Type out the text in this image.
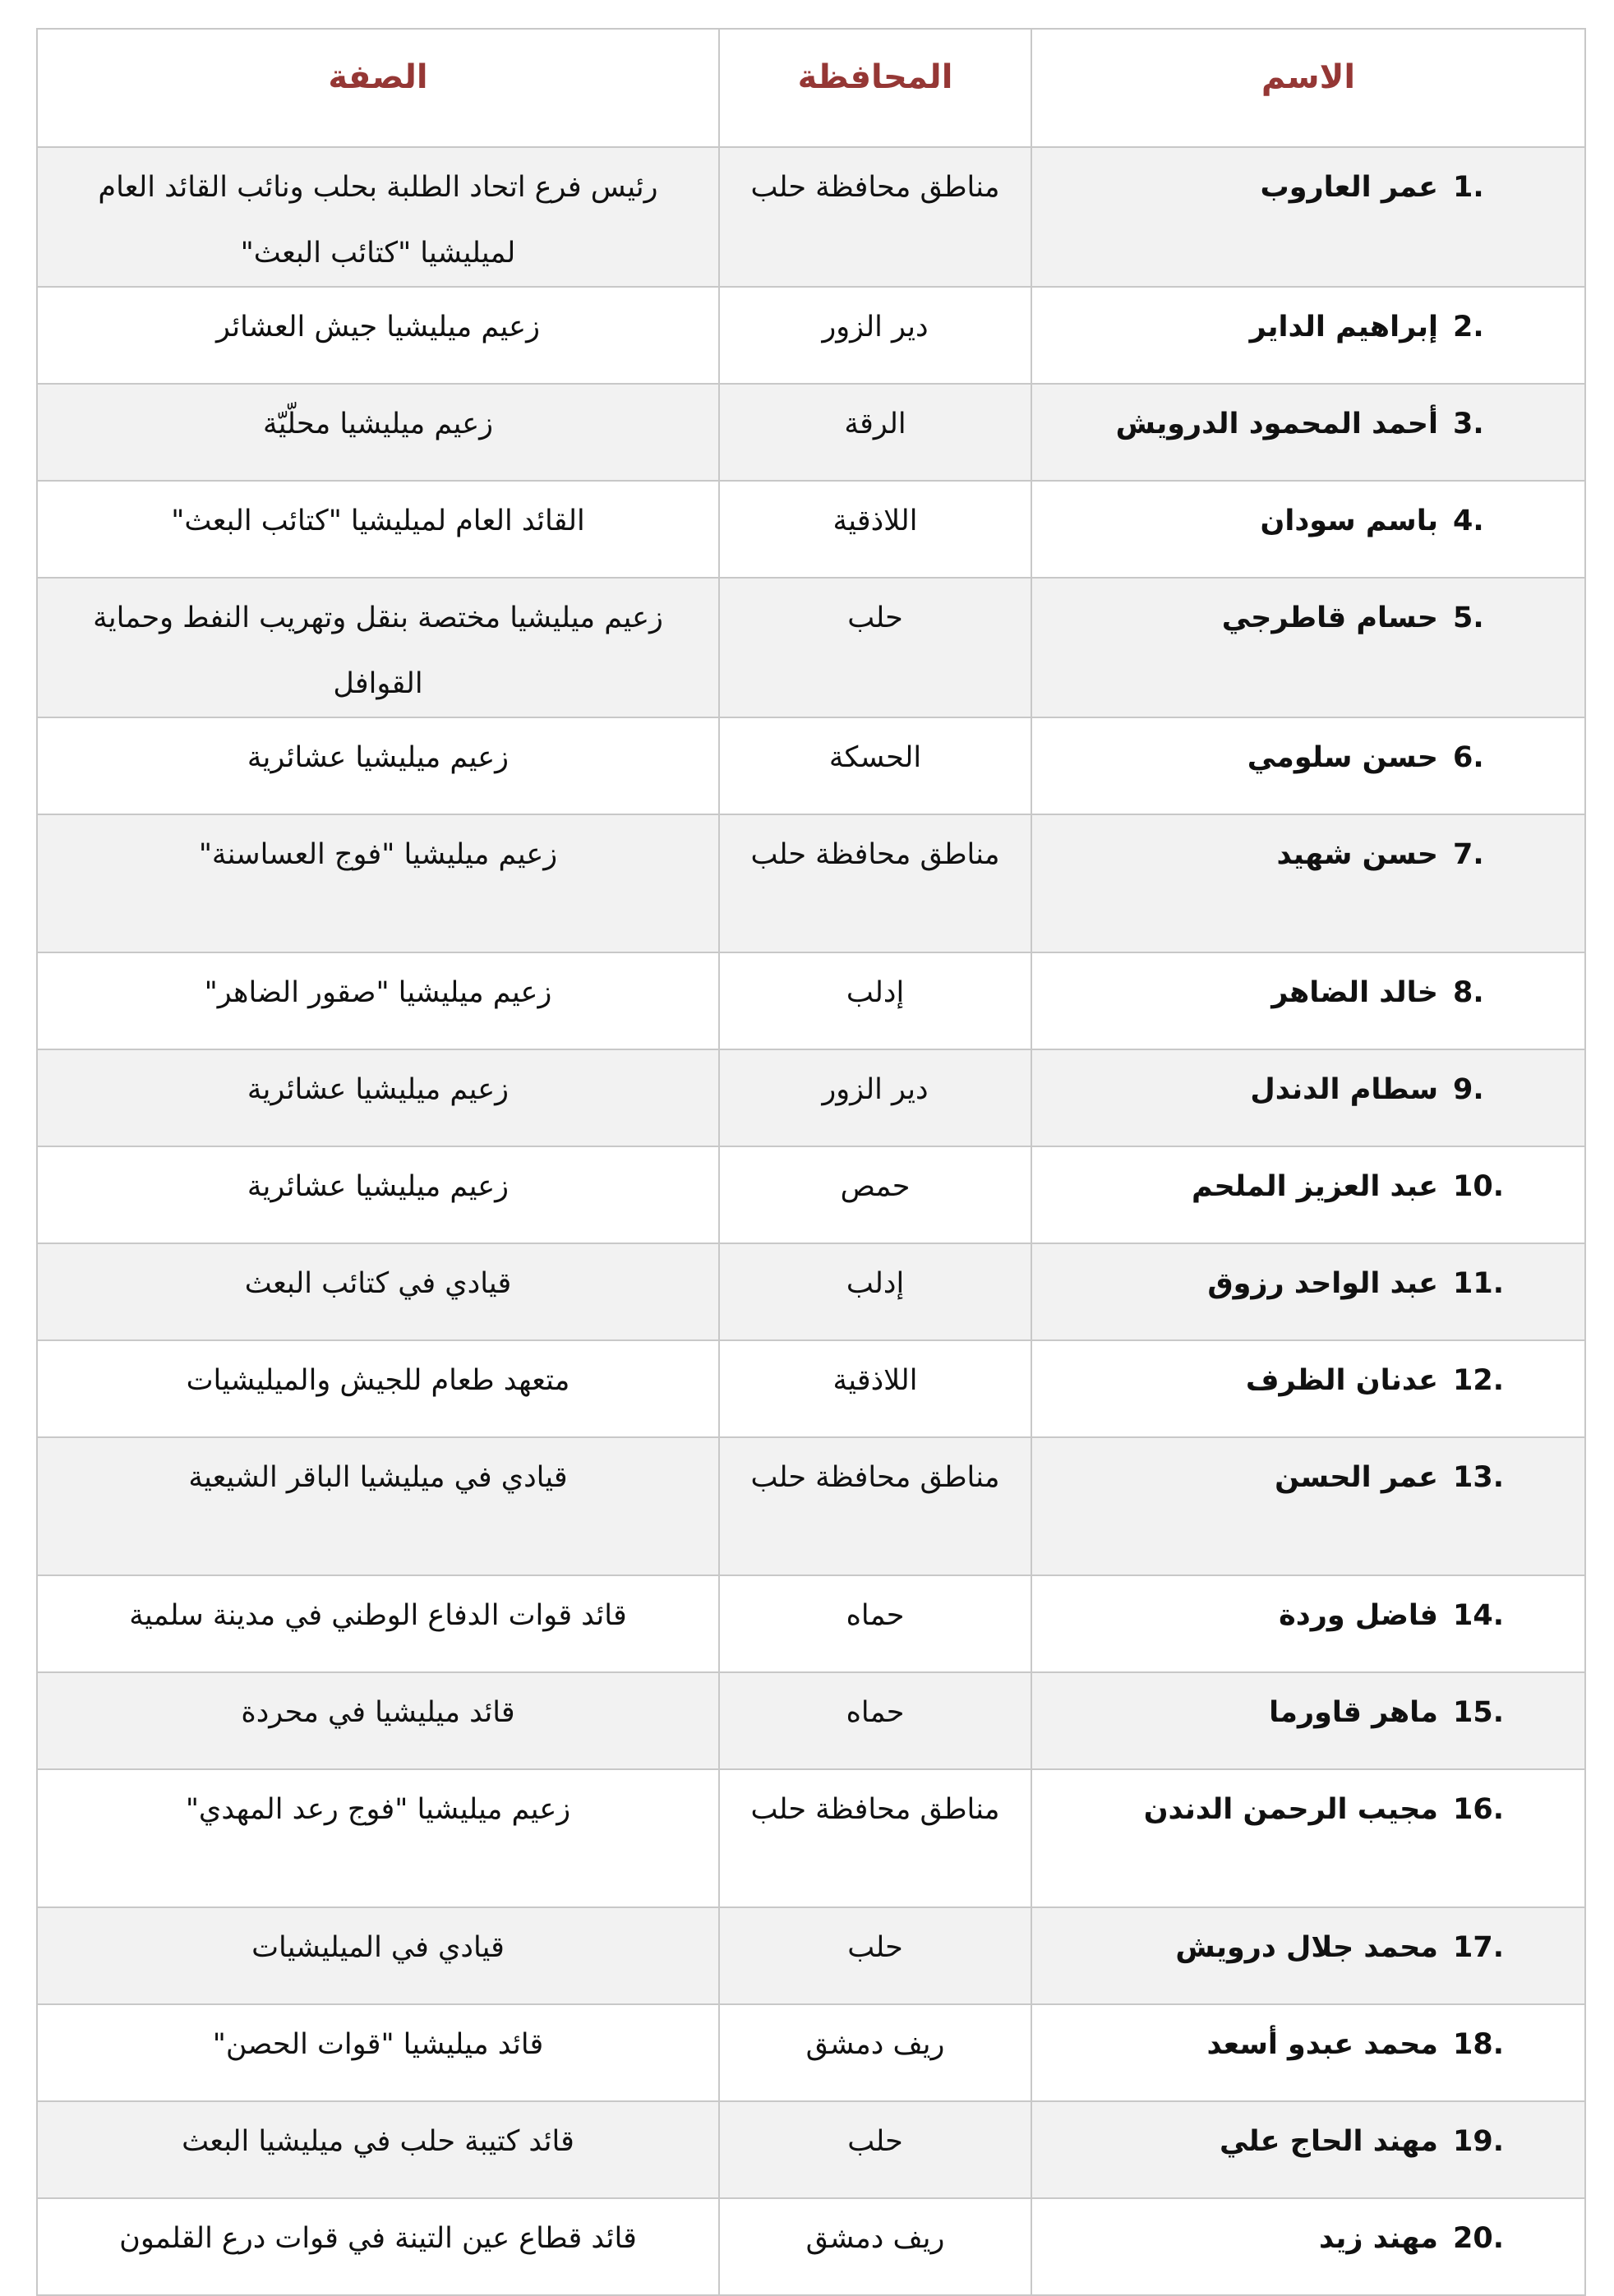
الاسم	المحافظة	الصفة

1.
عمر العاروب	مناطق محافظة حلب	رئيس فرع اتحاد الطلبة بحلب ونائب القائد العام لميليشيا "كتائب البعث"

2.
إبراهيم الداير	دير الزور	زعيم ميليشيا جيش العشائر

3.
أحمد المحمود الدرويش	الرقة	زعيم ميليشيا محلّيّة

4.
باسم سودان	اللاذقية	القائد العام لميليشيا "كتائب البعث"

5.
حسام قاطرجي	حلب	زعيم ميليشيا مختصة بنقل وتهريب النفط وحماية القوافل

6.
حسن سلومي	الحسكة	زعيم ميليشيا عشائرية

7.
حسن شهيد	مناطق محافظة حلب	زعيم ميليشيا "فوج العساسنة"

8.
خالد الضاهر	إدلب	زعيم ميليشيا "صقور الضاهر"

9.
سطام الدندل	دير الزور	زعيم ميليشيا عشائرية

10.
عبد العزيز الملحم	حمص	زعيم ميليشيا عشائرية

11.
عبد الواحد رزوق	إدلب	قيادي في كتائب البعث

12.
عدنان الظرف	اللاذقية	متعهد طعام للجيش والميليشيات

13.
عمر الحسن	مناطق محافظة حلب	قيادي في ميليشيا الباقر الشيعية

14.
فاضل وردة	حماه	قائد قوات الدفاع الوطني في مدينة سلمية

15.
ماهر قاورما	حماه	قائد ميليشيا في محردة

16.
مجيب الرحمن الدندن	مناطق محافظة حلب	زعيم ميليشيا "فوج رعد المهدي"

17.
محمد جلال درويش	حلب	قيادي في الميليشيات

18.
محمد عبدو أسعد	ريف دمشق	قائد ميليشيا "قوات الحصن"

19.
مهند الحاج علي	حلب	قائد كتيبة حلب في ميليشيا البعث

20.
مهند زيد	ريف دمشق	قائد قطاع عين التينة في قوات درع القلمون
